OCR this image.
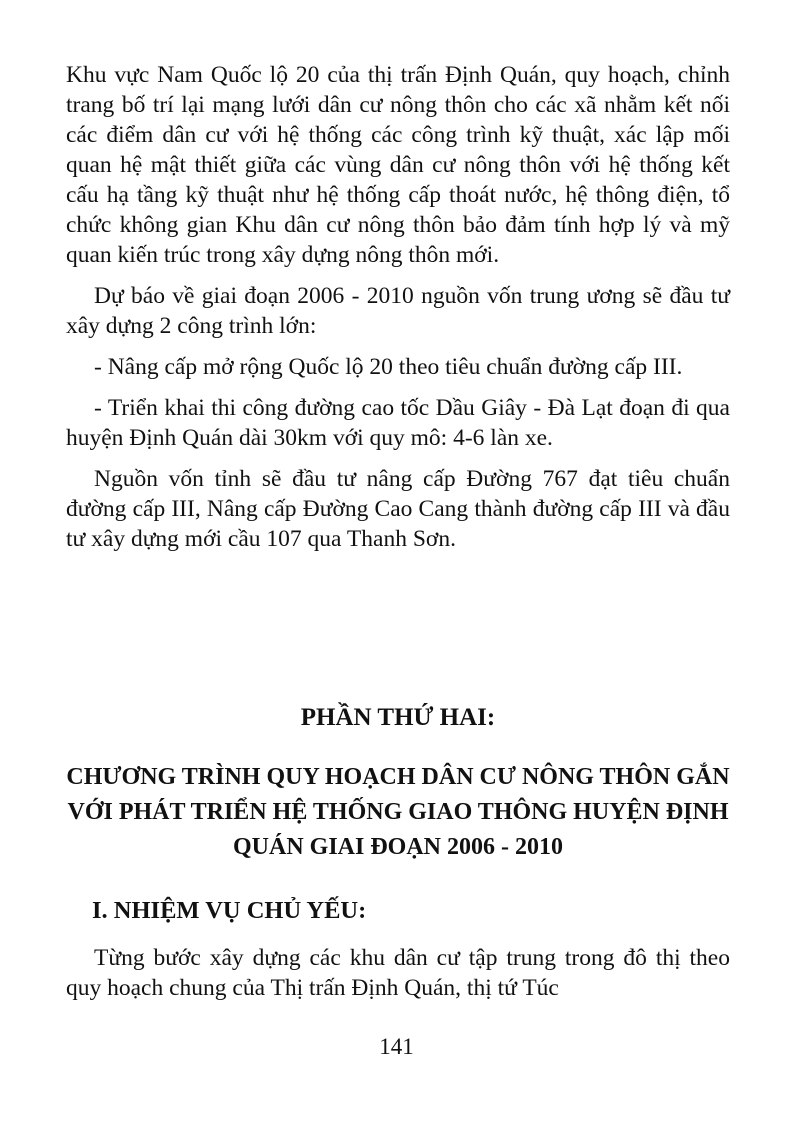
Khu vực Nam Quốc lộ 20 của thị trấn Định Quán, quy hoạch, chỉnh trang bố trí lại mạng lưới dân cư nông thôn cho các xã nhằm kết nối các điểm dân cư với hệ thống các công trình kỹ thuật, xác lập mối quan hệ mật thiết giữa các vùng dân cư nông thôn với hệ thống kết cấu hạ tầng kỹ thuật như hệ thống cấp thoát nước, hệ thông điện, tổ chức không gian Khu dân cư nông thôn bảo đảm tính hợp lý và mỹ quan kiến trúc trong xây dựng nông thôn mới.

Dự báo về giai đoạn 2006 - 2010 nguồn vốn trung ương sẽ đầu tư xây dựng 2 công trình lớn:

- Nâng cấp mở rộng Quốc lộ 20 theo tiêu chuẩn đường cấp III.

- Triển khai thi công đường cao tốc Dầu Giây - Đà Lạt đoạn đi qua huyện Định Quán dài 30km với quy mô: 4-6 làn xe.

Nguồn vốn tỉnh sẽ đầu tư nâng cấp Đường 767 đạt tiêu chuẩn đường cấp III, Nâng cấp Đường Cao Cang thành đường cấp III và đầu tư xây dựng mới cầu 107 qua Thanh Sơn.

PHẦN THỨ HAI:
CHƯƠNG TRÌNH QUY HOẠCH DÂN CƯ NÔNG THÔN GẮN VỚI PHÁT TRIỂN HỆ THỐNG GIAO THÔNG HUYỆN ĐỊNH QUÁN GIAI ĐOẠN 2006 - 2010
I. NHIỆM VỤ CHỦ YẾU:

Từng bước xây dựng các khu dân cư tập trung trong đô thị theo quy hoạch chung của Thị trấn Định Quán, thị tứ Túc

141
